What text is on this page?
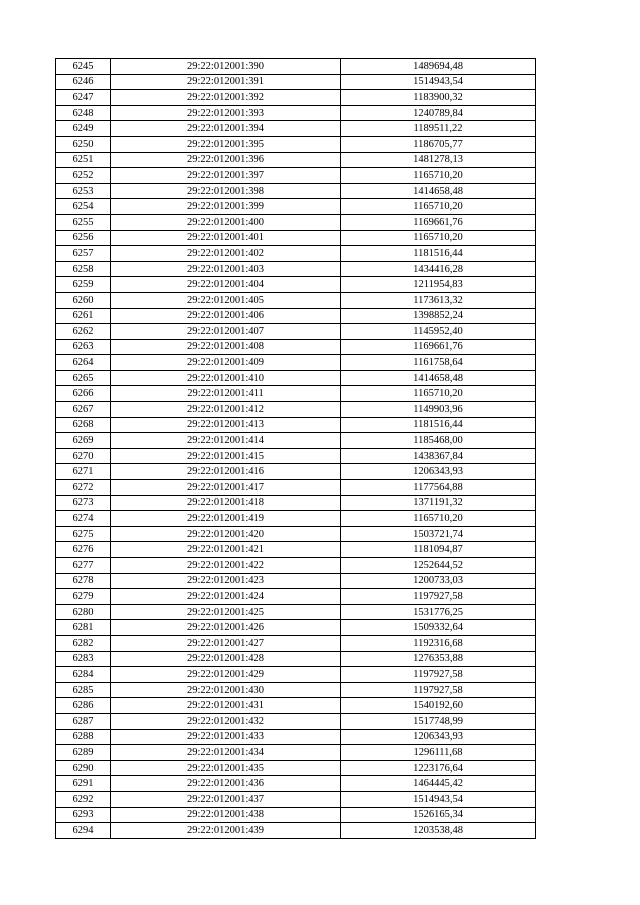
6245	29:22:012001:390	1489694,48
6246	29:22:012001:391	1514943,54
6247	29:22:012001:392	1183900,32
6248	29:22:012001:393	1240789,84
6249	29:22:012001:394	1189511,22
6250	29:22:012001:395	1186705,77
6251	29:22:012001:396	1481278,13
6252	29:22:012001:397	1165710,20
6253	29:22:012001:398	1414658,48
6254	29:22:012001:399	1165710,20
6255	29:22:012001:400	1169661,76
6256	29:22:012001:401	1165710,20
6257	29:22:012001:402	1181516,44
6258	29:22:012001:403	1434416,28
6259	29:22:012001:404	1211954,83
6260	29:22:012001:405	1173613,32
6261	29:22:012001:406	1398852,24
6262	29:22:012001:407	1145952,40
6263	29:22:012001:408	1169661,76
6264	29:22:012001:409	1161758,64
6265	29:22:012001:410	1414658,48
6266	29:22:012001:411	1165710,20
6267	29:22:012001:412	1149903,96
6268	29:22:012001:413	1181516,44
6269	29:22:012001:414	1185468,00
6270	29:22:012001:415	1438367,84
6271	29:22:012001:416	1206343,93
6272	29:22:012001:417	1177564,88
6273	29:22:012001:418	1371191,32
6274	29:22:012001:419	1165710,20
6275	29:22:012001:420	1503721,74
6276	29:22:012001:421	1181094,87
6277	29:22:012001:422	1252644,52
6278	29:22:012001:423	1200733,03
6279	29:22:012001:424	1197927,58
6280	29:22:012001:425	1531776,25
6281	29:22:012001:426	1509332,64
6282	29:22:012001:427	1192316,68
6283	29:22:012001:428	1276353,88
6284	29:22:012001:429	1197927,58
6285	29:22:012001:430	1197927,58
6286	29:22:012001:431	1540192,60
6287	29:22:012001:432	1517748,99
6288	29:22:012001:433	1206343,93
6289	29:22:012001:434	1296111,68
6290	29:22:012001:435	1223176,64
6291	29:22:012001:436	1464445,42
6292	29:22:012001:437	1514943,54
6293	29:22:012001:438	1526165,34
6294	29:22:012001:439	1203538,48
